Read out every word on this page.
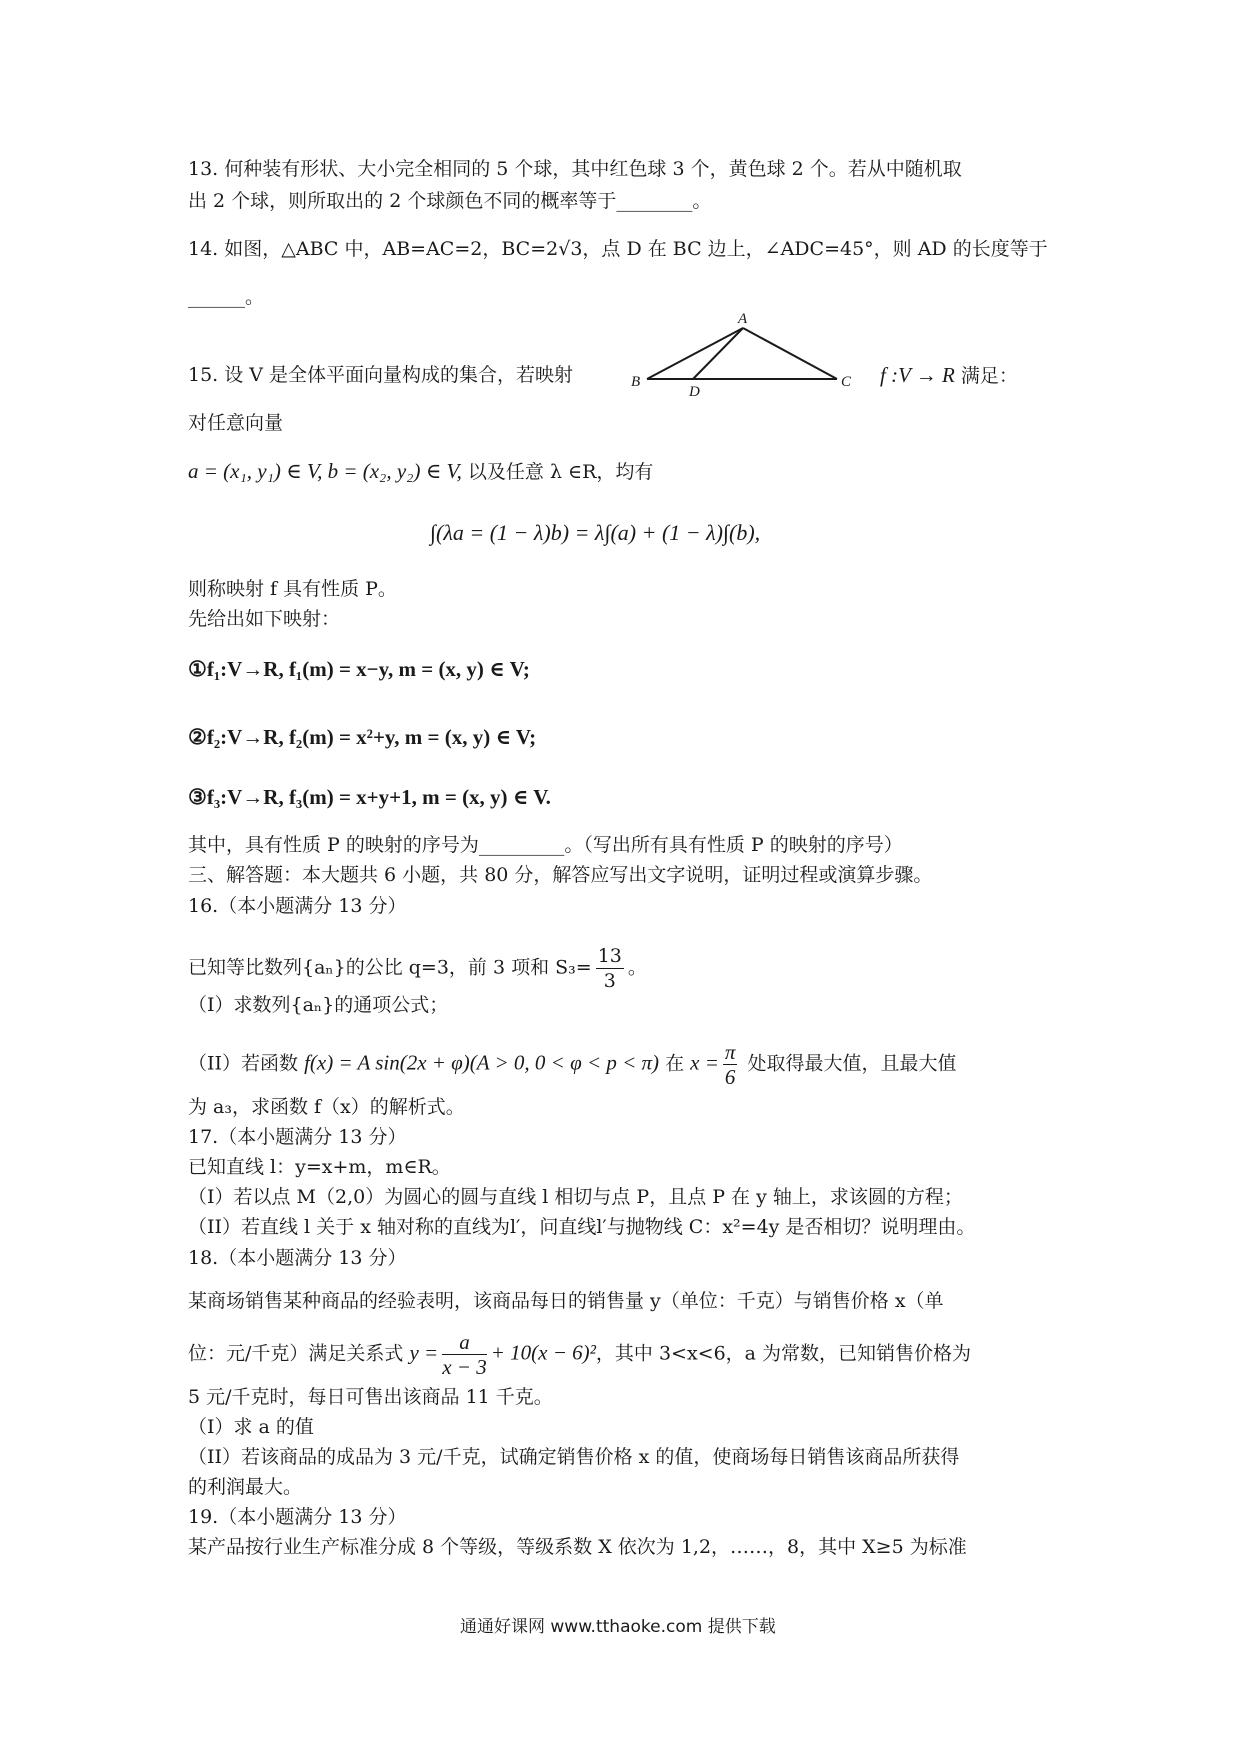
13. 何种装有形状、大小完全相同的 5 个球，其中红色球 3 个，黄色球 2 个。若从中随机取
出 2 个球，则所取出的 2 个球颜色不同的概率等于________。
14. 如图，△ABC 中，AB=AC=2，BC=2√3，点 D 在 BC 边上，∠ADC=45°，则 AD 的长度等于
______。
A
B	C
D
15. 设 V 是全体平面向量构成的集合，若映射	f :V → R 满足：
对任意向量
a = (x₁, y₁) ∈ V, b = (x₂, y₂) ∈ V, 以及任意 λ ∈R，均有
∫(λa = (1 − λ)b) = λ∫(a) + (1 − λ)∫(b),
则称映射 f 具有性质 P。
先给出如下映射：
①f₁:V→R, f₁(m) = x−y, m = (x, y) ∈ V;
②f₂:V→R, f₂(m) = x²+y, m = (x, y) ∈ V;
③f₃:V→R, f₃(m) = x+y+1, m = (x, y) ∈ V.
其中，具有性质 P 的映射的序号为_________。（写出所有具有性质 P 的映射的序号）
三、解答题：本大题共 6 小题，共 80 分，解答应写出文字说明，证明过程或演算步骤。
16.（本小题满分 13 分）
已知等比数列{aₙ}的公比 q=3，前 3 项和 $S_3= \frac{13}{3}$ 。
（I）求数列{aₙ}的通项公式；
（II）若函数 f(x) = A sin(2x + φ)(A > 0, 0 < φ < p < π) 在 $x = \frac{\pi}{6}$ 处取得最大值，且最大值
为 a₃，求函数 f（x）的解析式。
17.（本小题满分 13 分）
已知直线 l：y=x+m，m∈R。
（I）若以点 M（2,0）为圆心的圆与直线 l 相切与点 P，且点 P 在 y 轴上，求该圆的方程；
（II）若直线 l 关于 x 轴对称的直线为l′，问直线l′与抛物线 C：x²=4y 是否相切？说明理由。
18.（本小题满分 13 分）
某商场销售某种商品的经验表明，该商品每日的销售量 y（单位：千克）与销售价格 x（单
位：元/千克）满足关系式 $y = \frac{a}{x - 3} + 10(x - 6)^2$，其中 3<x<6，a 为常数，已知销售价格为
5 元/千克时，每日可售出该商品 11 千克。
（I）求 a 的值
（II）若该商品的成品为 3 元/千克，试确定销售价格 x 的值，使商场每日销售该商品所获得
的利润最大。
19.（本小题满分 13 分）
某产品按行业生产标准分成 8 个等级，等级系数 X 依次为 1,2，……，8，其中 X≥5 为标准
通通好课网 www.tthaoke.com 提供下载
